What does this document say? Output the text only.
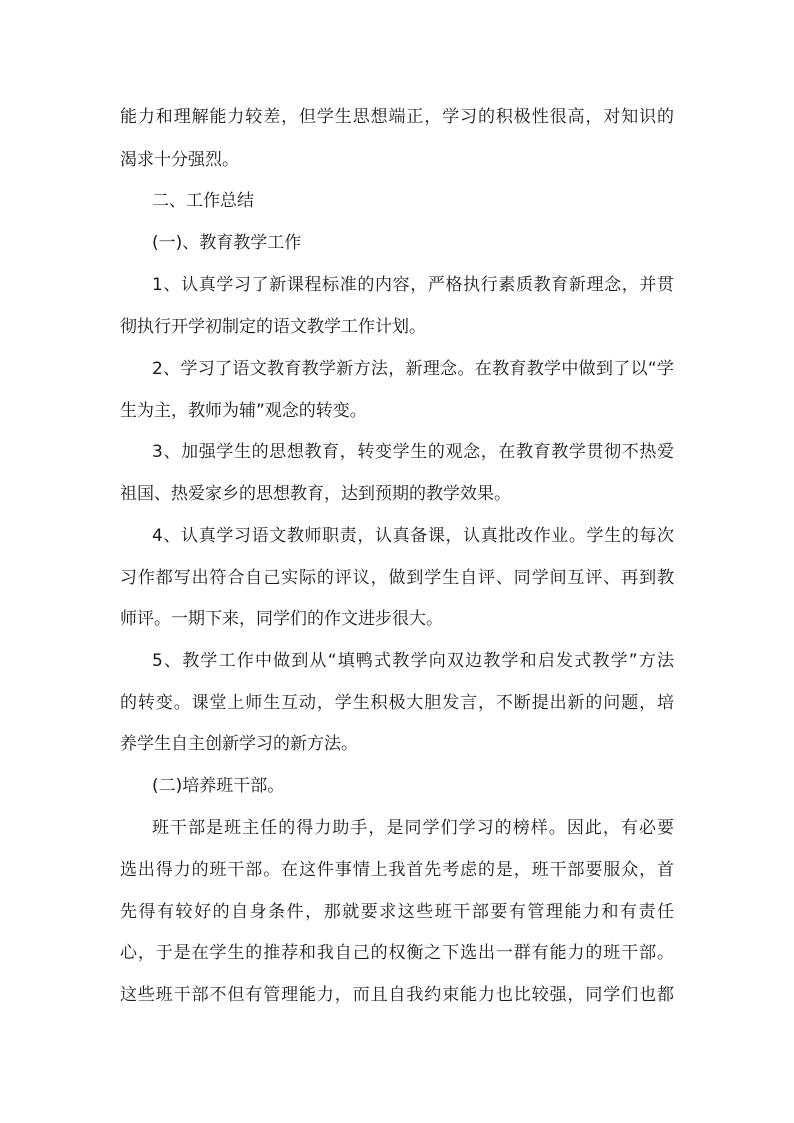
能力和理解能力较差，但学生思想端正，学习的积极性很高，对知识的
渴求十分强烈。
二、工作总结
(一)、教育教学工作
1、认真学习了新课程标准的内容，严格执行素质教育新理念，并贯
彻执行开学初制定的语文教学工作计划。
2、学习了语文教育教学新方法，新理念。在教育教学中做到了以“学
生为主，教师为辅”观念的转变。
3、加强学生的思想教育，转变学生的观念，在教育教学贯彻不热爱
祖国、热爱家乡的思想教育，达到预期的教学效果。
4、认真学习语文教师职责，认真备课，认真批改作业。学生的每次
习作都写出符合自己实际的评议，做到学生自评、同学间互评、再到教
师评。一期下来，同学们的作文进步很大。
5、教学工作中做到从“填鸭式教学向双边教学和启发式教学”方法
的转变。课堂上师生互动，学生积极大胆发言，不断提出新的问题，培
养学生自主创新学习的新方法。
(二)培养班干部。
班干部是班主任的得力助手，是同学们学习的榜样。因此，有必要
选出得力的班干部。在这件事情上我首先考虑的是，班干部要服众，首
先得有较好的自身条件，那就要求这些班干部要有管理能力和有责任
心，于是在学生的推荐和我自己的权衡之下选出一群有能力的班干部。
这些班干部不但有管理能力，而且自我约束能力也比较强，同学们也都
